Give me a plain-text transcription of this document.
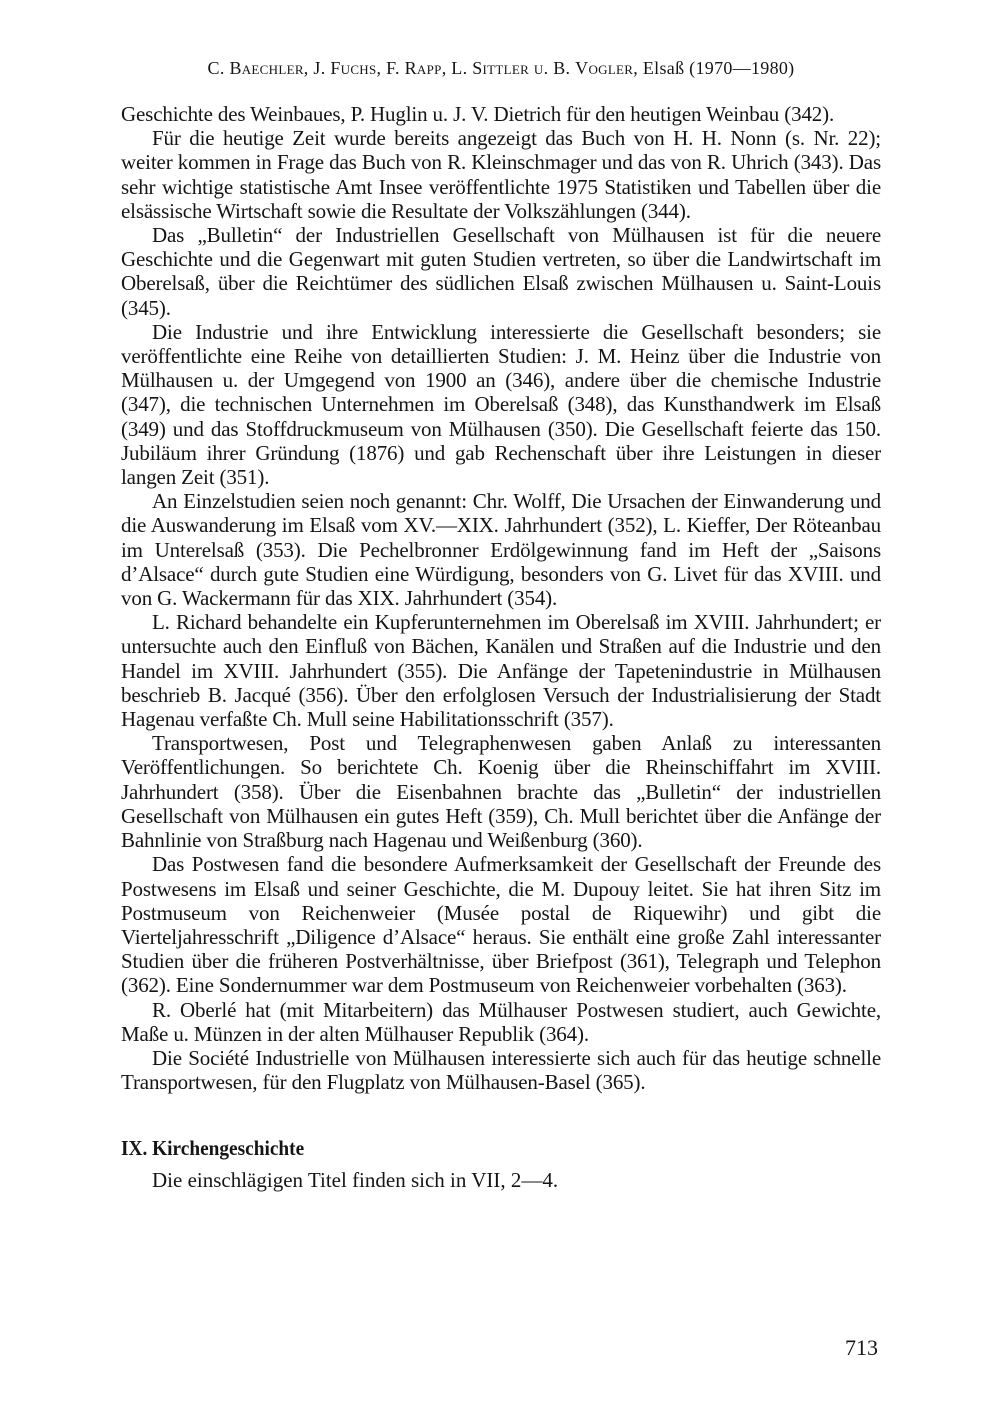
C. Baechler, J. Fuchs, F. Rapp, L. Sittler u. B. Vogler, Elsaß (1970—1980)

Geschichte des Weinbaues, P. Huglin u. J. V. Dietrich für den heutigen Weinbau (342).

Für die heutige Zeit wurde bereits angezeigt das Buch von H. H. Nonn (s. Nr. 22); weiter kommen in Frage das Buch von R. Kleinschmager und das von R. Uhrich (343). Das sehr wichtige statistische Amt Insee veröffentlichte 1975 Statistiken und Tabellen über die elsässische Wirtschaft sowie die Resultate der Volkszählungen (344).

Das „Bulletin“ der Industriellen Gesellschaft von Mülhausen ist für die neuere Geschichte und die Gegenwart mit guten Studien vertreten, so über die Landwirtschaft im Oberelsaß, über die Reichtümer des südlichen Elsaß zwischen Mülhausen u. Saint-Louis (345).

Die Industrie und ihre Entwicklung interessierte die Gesellschaft besonders; sie veröffentlichte eine Reihe von detaillierten Studien: J. M. Heinz über die Industrie von Mülhausen u. der Umgegend von 1900 an (346), andere über die chemische Industrie (347), die technischen Unternehmen im Oberelsaß (348), das Kunsthandwerk im Elsaß (349) und das Stoffdruckmuseum von Mülhausen (350). Die Gesellschaft feierte das 150. Jubiläum ihrer Gründung (1876) und gab Rechenschaft über ihre Leistungen in dieser langen Zeit (351).

An Einzelstudien seien noch genannt: Chr. Wolff, Die Ursachen der Einwanderung und die Auswanderung im Elsaß vom XV.—XIX. Jahrhundert (352), L. Kieffer, Der Röteanbau im Unterelsaß (353). Die Pechelbronner Erdölgewinnung fand im Heft der „Saisons d’Alsace“ durch gute Studien eine Würdigung, besonders von G. Livet für das XVIII. und von G. Wackermann für das XIX. Jahrhundert (354).

L. Richard behandelte ein Kupferunternehmen im Oberelsaß im XVIII. Jahrhundert; er untersuchte auch den Einfluß von Bächen, Kanälen und Straßen auf die Industrie und den Handel im XVIII. Jahrhundert (355). Die Anfänge der Tapetenindustrie in Mülhausen beschrieb B. Jacqué (356). Über den erfolglosen Versuch der Industrialisierung der Stadt Hagenau verfaßte Ch. Mull seine Habilitationsschrift (357).

Transportwesen, Post und Telegraphenwesen gaben Anlaß zu interessanten Veröffentlichungen. So berichtete Ch. Koenig über die Rheinschiffahrt im XVIII. Jahrhundert (358). Über die Eisenbahnen brachte das „Bulletin“ der industriellen Gesellschaft von Mülhausen ein gutes Heft (359), Ch. Mull berichtet über die Anfänge der Bahnlinie von Straßburg nach Hagenau und Weißenburg (360).

Das Postwesen fand die besondere Aufmerksamkeit der Gesellschaft der Freunde des Postwesens im Elsaß und seiner Geschichte, die M. Dupouy leitet. Sie hat ihren Sitz im Postmuseum von Reichenweier (Musée postal de Riquewihr) und gibt die Vierteljahresschrift „Diligence d’Alsace“ heraus. Sie enthält eine große Zahl interessanter Studien über die früheren Postverhältnisse, über Briefpost (361), Telegraph und Telephon (362). Eine Sondernummer war dem Postmuseum von Reichenweier vorbehalten (363).

R. Oberlé hat (mit Mitarbeitern) das Mülhauser Postwesen studiert, auch Gewichte, Maße u. Münzen in der alten Mülhauser Republik (364).

Die Société Industrielle von Mülhausen interessierte sich auch für das heutige schnelle Transportwesen, für den Flugplatz von Mülhausen-Basel (365).

IX. Kirchengeschichte

Die einschlägigen Titel finden sich in VII, 2—4.

713
